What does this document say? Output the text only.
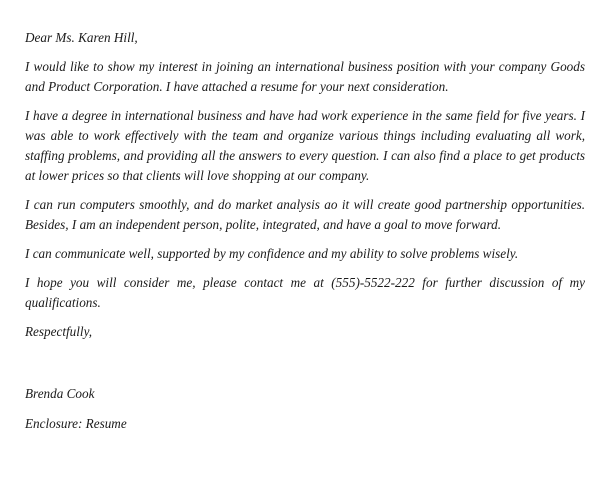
Dear Ms. Karen Hill,

I would like to show my interest in joining an international business position with your company Goods and Product Corporation. I have attached a resume for your next consideration.

I have a degree in international business and have had work experience in the same field for five years. I was able to work effectively with the team and organize various things including evaluating all work, staffing problems, and providing all the answers to every question. I can also find a place to get products at lower prices so that clients will love shopping at our company.

I can run computers smoothly, and do market analysis ao it will create good partnership opportunities. Besides, I am an independent person, polite, integrated, and have a goal to move forward.

I can communicate well, supported by my confidence and my ability to solve problems wisely.

I hope you will consider me, please contact me at (555)-5522-222 for further discussion of my qualifications.

Respectfully,

Brenda Cook

Enclosure: Resume
